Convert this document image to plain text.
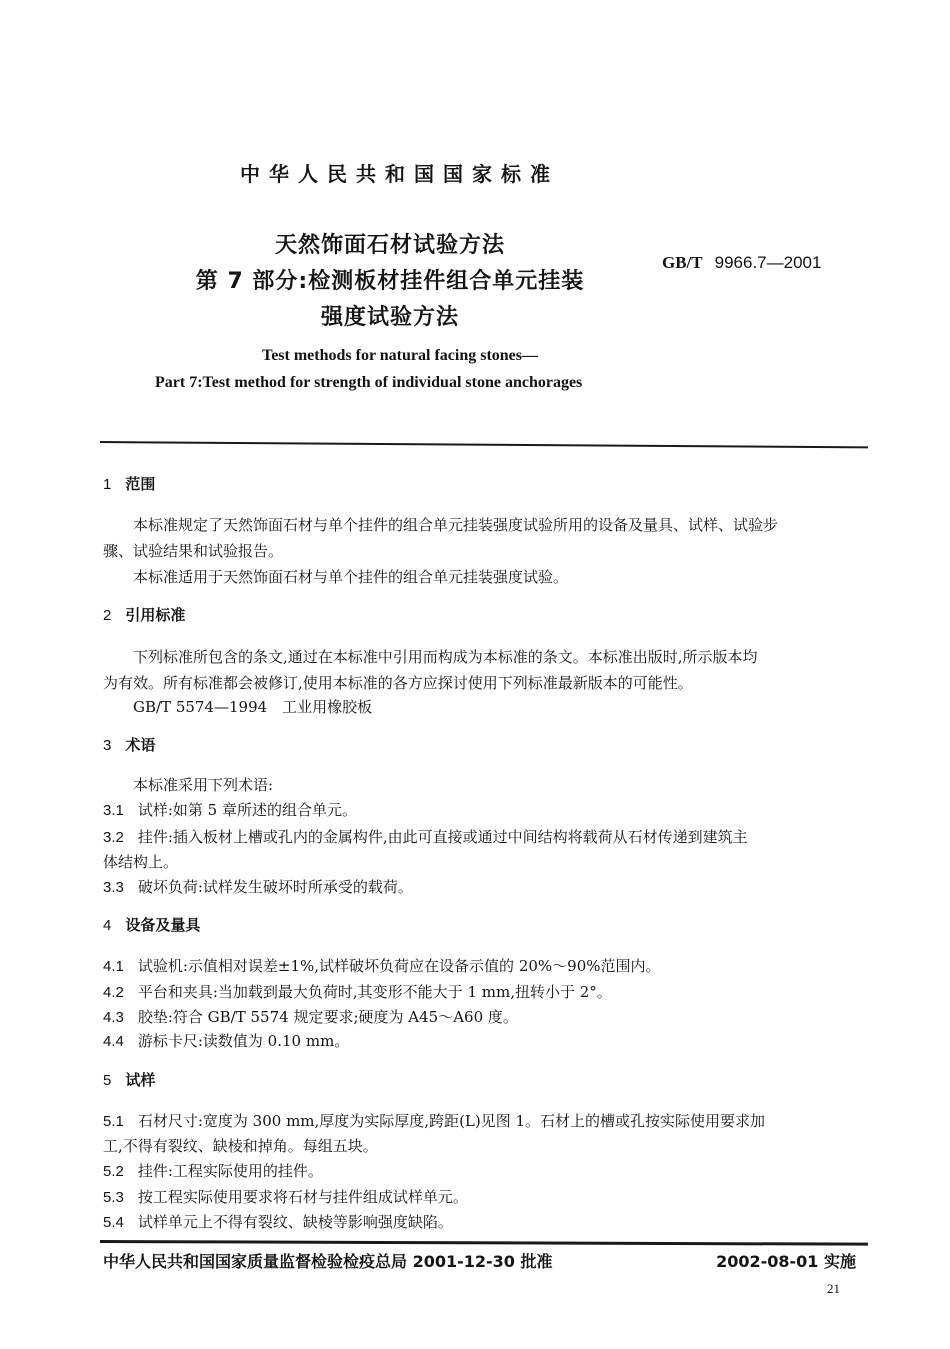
中华人民共和国国家标准
天然饰面石材试验方法
第 7 部分:检测板材挂件组合单元挂装
强度试验方法
GB/T 9966.7—2001
Test methods for natural facing stones—
Part 7:Test method for strength of individual stone anchorages
1 范围
本标准规定了天然饰面石材与单个挂件的组合单元挂装强度试验所用的设备及量具、试样、试验步
骤、试验结果和试验报告。
本标准适用于天然饰面石材与单个挂件的组合单元挂装强度试验。
2 引用标准
下列标准所包含的条文,通过在本标准中引用而构成为本标准的条文。本标准出版时,所示版本均
为有效。所有标准都会被修订,使用本标准的各方应探讨使用下列标准最新版本的可能性。
GB/T 5574—1994　工业用橡胶板
3 术语
本标准采用下列术语:
3.1 试样:如第 5 章所述的组合单元。
3.2 挂件:插入板材上槽或孔内的金属构件,由此可直接或通过中间结构将载荷从石材传递到建筑主
体结构上。
3.3 破坏负荷:试样发生破坏时所承受的载荷。
4 设备及量具
4.1 试验机:示值相对误差±1%,试样破坏负荷应在设备示值的 20%～90%范围内。
4.2 平台和夹具:当加载到最大负荷时,其变形不能大于 1 mm,扭转小于 2°。
4.3 胶垫:符合 GB/T 5574 规定要求;硬度为 A45～A60 度。
4.4 游标卡尺:读数值为 0.10 mm。
5 试样
5.1 石材尺寸:宽度为 300 mm,厚度为实际厚度,跨距(L)见图 1。石材上的槽或孔按实际使用要求加
工,不得有裂纹、缺棱和掉角。每组五块。
5.2 挂件:工程实际使用的挂件。
5.3 按工程实际使用要求将石材与挂件组成试样单元。
5.4 试样单元上不得有裂纹、缺棱等影响强度缺陷。
中华人民共和国国家质量监督检验检疫总局 2001-12-30 批准	2002-08-01 实施
21
